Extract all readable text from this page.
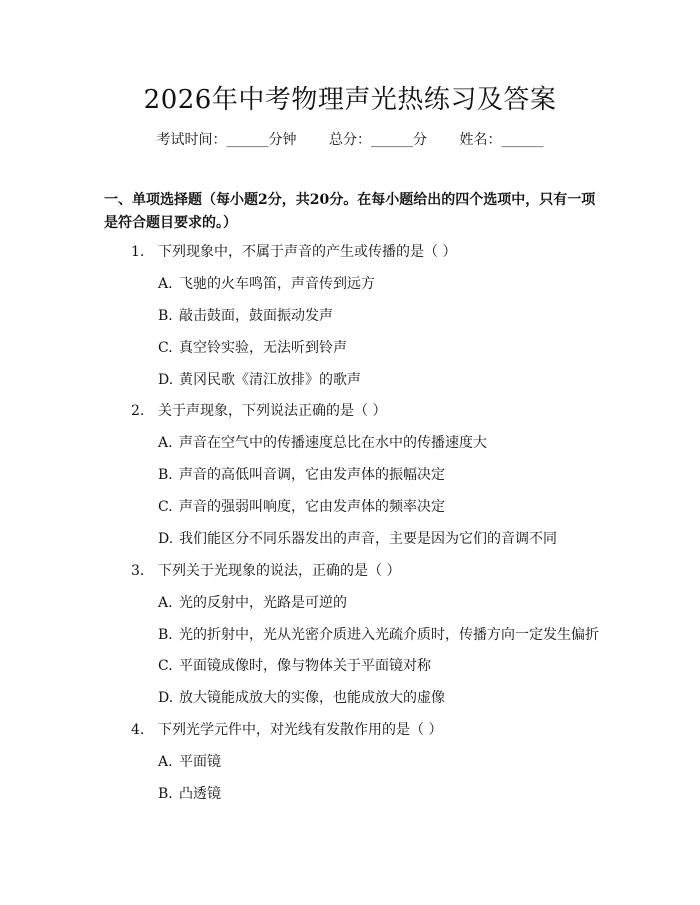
2026年中考物理声光热练习及答案
考试时间：______分钟 总分：______分 姓名：______
一、单项选择题（每小题2分，共20分。在每小题给出的四个选项中，只有一项是符合题目要求的。）
1. 下列现象中，不属于声音的产生或传播的是（ ）
A. 飞驰的火车鸣笛，声音传到远方
B. 敲击鼓面，鼓面振动发声
C. 真空铃实验，无法听到铃声
D. 黄冈民歌《清江放排》的歌声
2. 关于声现象，下列说法正确的是（ ）
A. 声音在空气中的传播速度总比在水中的传播速度大
B. 声音的高低叫音调，它由发声体的振幅决定
C. 声音的强弱叫响度，它由发声体的频率决定
D. 我们能区分不同乐器发出的声音，主要是因为它们的音调不同
3. 下列关于光现象的说法，正确的是（ ）
A. 光的反射中，光路是可逆的
B. 光的折射中，光从光密介质进入光疏介质时，传播方向一定发生偏折
C. 平面镜成像时，像与物体关于平面镜对称
D. 放大镜能成放大的实像，也能成放大的虚像
4. 下列光学元件中，对光线有发散作用的是（ ）
A. 平面镜
B. 凸透镜
